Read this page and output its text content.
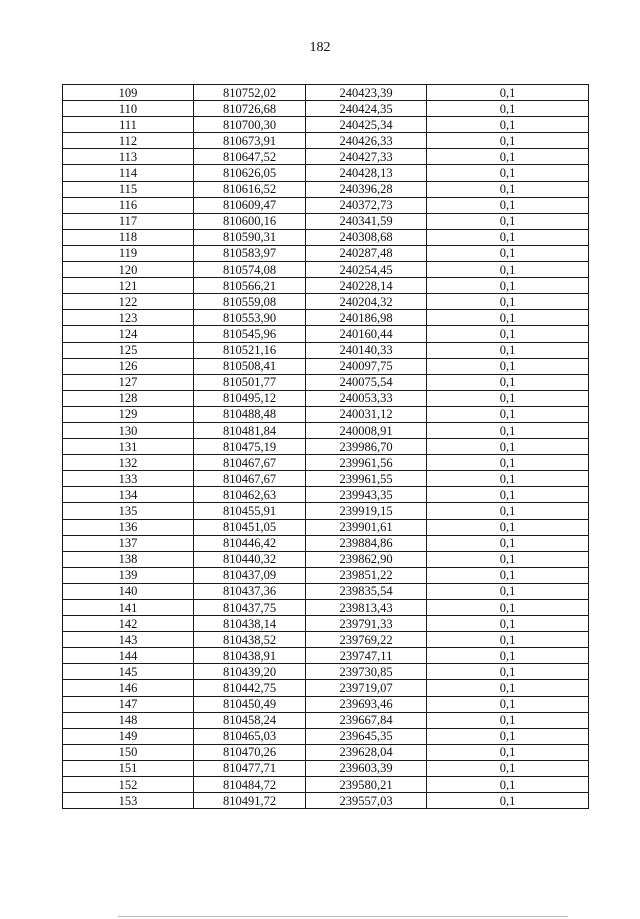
182
109	810752,02	240423,39	0,1
110	810726,68	240424,35	0,1
111	810700,30	240425,34	0,1
112	810673,91	240426,33	0,1
113	810647,52	240427,33	0,1
114	810626,05	240428,13	0,1
115	810616,52	240396,28	0,1
116	810609,47	240372,73	0,1
117	810600,16	240341,59	0,1
118	810590,31	240308,68	0,1
119	810583,97	240287,48	0,1
120	810574,08	240254,45	0,1
121	810566,21	240228,14	0,1
122	810559,08	240204,32	0,1
123	810553,90	240186,98	0,1
124	810545,96	240160,44	0,1
125	810521,16	240140,33	0,1
126	810508,41	240097,75	0,1
127	810501,77	240075,54	0,1
128	810495,12	240053,33	0,1
129	810488,48	240031,12	0,1
130	810481,84	240008,91	0,1
131	810475,19	239986,70	0,1
132	810467,67	239961,56	0,1
133	810467,67	239961,55	0,1
134	810462,63	239943,35	0,1
135	810455,91	239919,15	0,1
136	810451,05	239901,61	0,1
137	810446,42	239884,86	0,1
138	810440,32	239862,90	0,1
139	810437,09	239851,22	0,1
140	810437,36	239835,54	0,1
141	810437,75	239813,43	0,1
142	810438,14	239791,33	0,1
143	810438,52	239769,22	0,1
144	810438,91	239747,11	0,1
145	810439,20	239730,85	0,1
146	810442,75	239719,07	0,1
147	810450,49	239693,46	0,1
148	810458,24	239667,84	0,1
149	810465,03	239645,35	0,1
150	810470,26	239628,04	0,1
151	810477,71	239603,39	0,1
152	810484,72	239580,21	0,1
153	810491,72	239557,03	0,1
